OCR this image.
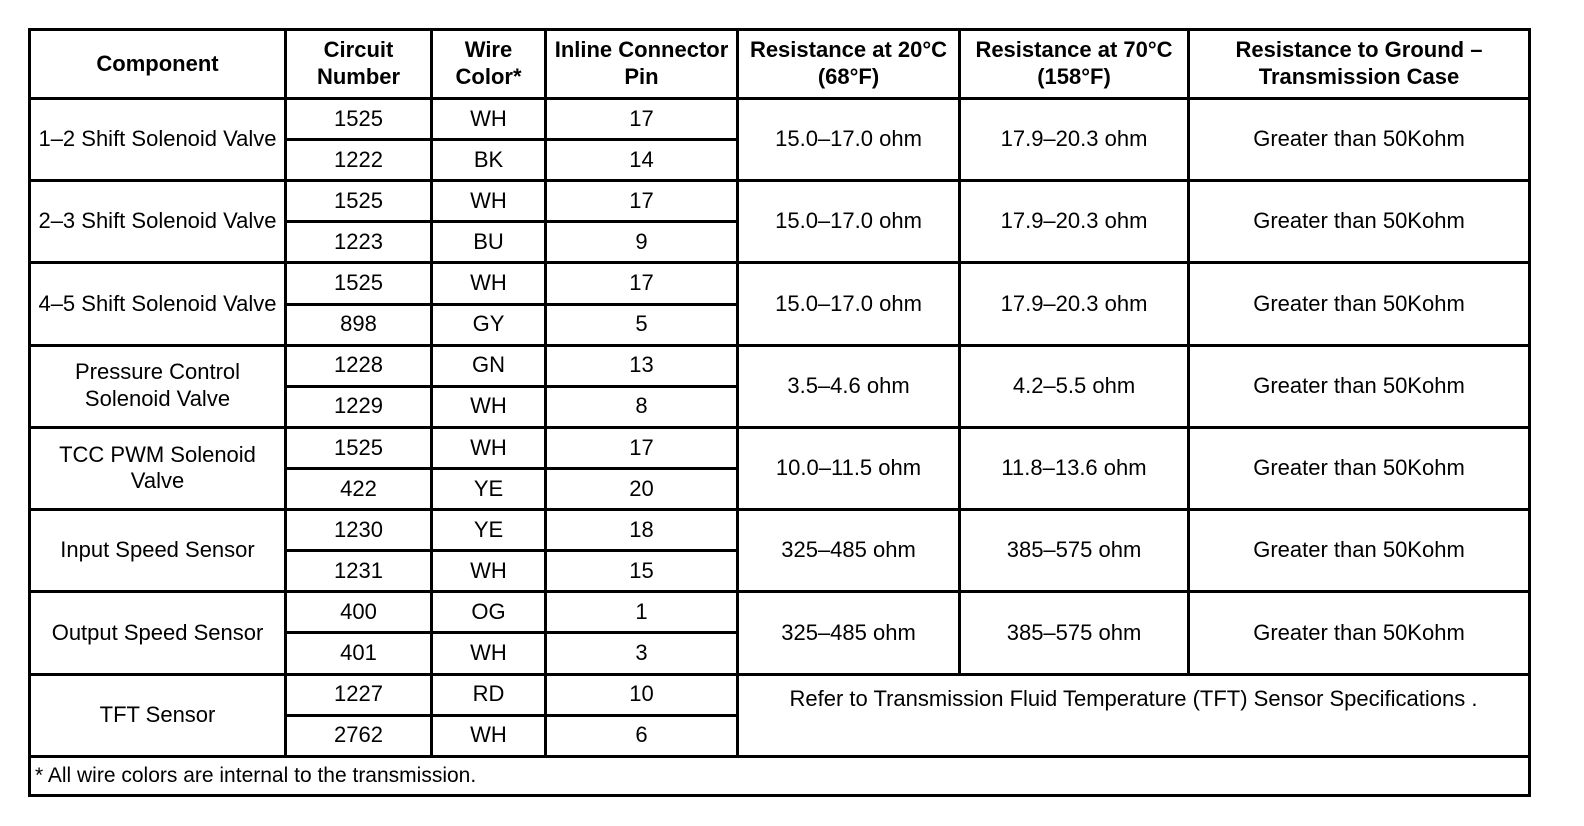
Component	Circuit Number	Wire Color*	Inline Connector Pin	Resistance at 20°C (68°F)	Resistance at 70°C (158°F)	Resistance to Ground – Transmission Case
1–2 Shift Solenoid Valve	1525	WH	17	15.0–17.0 ohm	17.9–20.3 ohm	Greater than 50Kohm
	1222	BK	14			
2–3 Shift Solenoid Valve	1525	WH	17	15.0–17.0 ohm	17.9–20.3 ohm	Greater than 50Kohm
	1223	BU	9			
4–5 Shift Solenoid Valve	1525	WH	17	15.0–17.0 ohm	17.9–20.3 ohm	Greater than 50Kohm
	898	GY	5			
Pressure Control Solenoid Valve	1228	GN	13	3.5–4.6 ohm	4.2–5.5 ohm	Greater than 50Kohm
	1229	WH	8			
TCC PWM Solenoid Valve	1525	WH	17	10.0–11.5 ohm	11.8–13.6 ohm	Greater than 50Kohm
	422	YE	20			
Input Speed Sensor	1230	YE	18	325–485 ohm	385–575 ohm	Greater than 50Kohm
	1231	WH	15			
Output Speed Sensor	400	OG	1	325–485 ohm	385–575 ohm	Greater than 50Kohm
	401	WH	3			
TFT Sensor	1227	RD	10	Refer to Transmission Fluid Temperature (TFT) Sensor Specifications .		
	2762	WH	6			
* All wire colors are internal to the transmission.						
